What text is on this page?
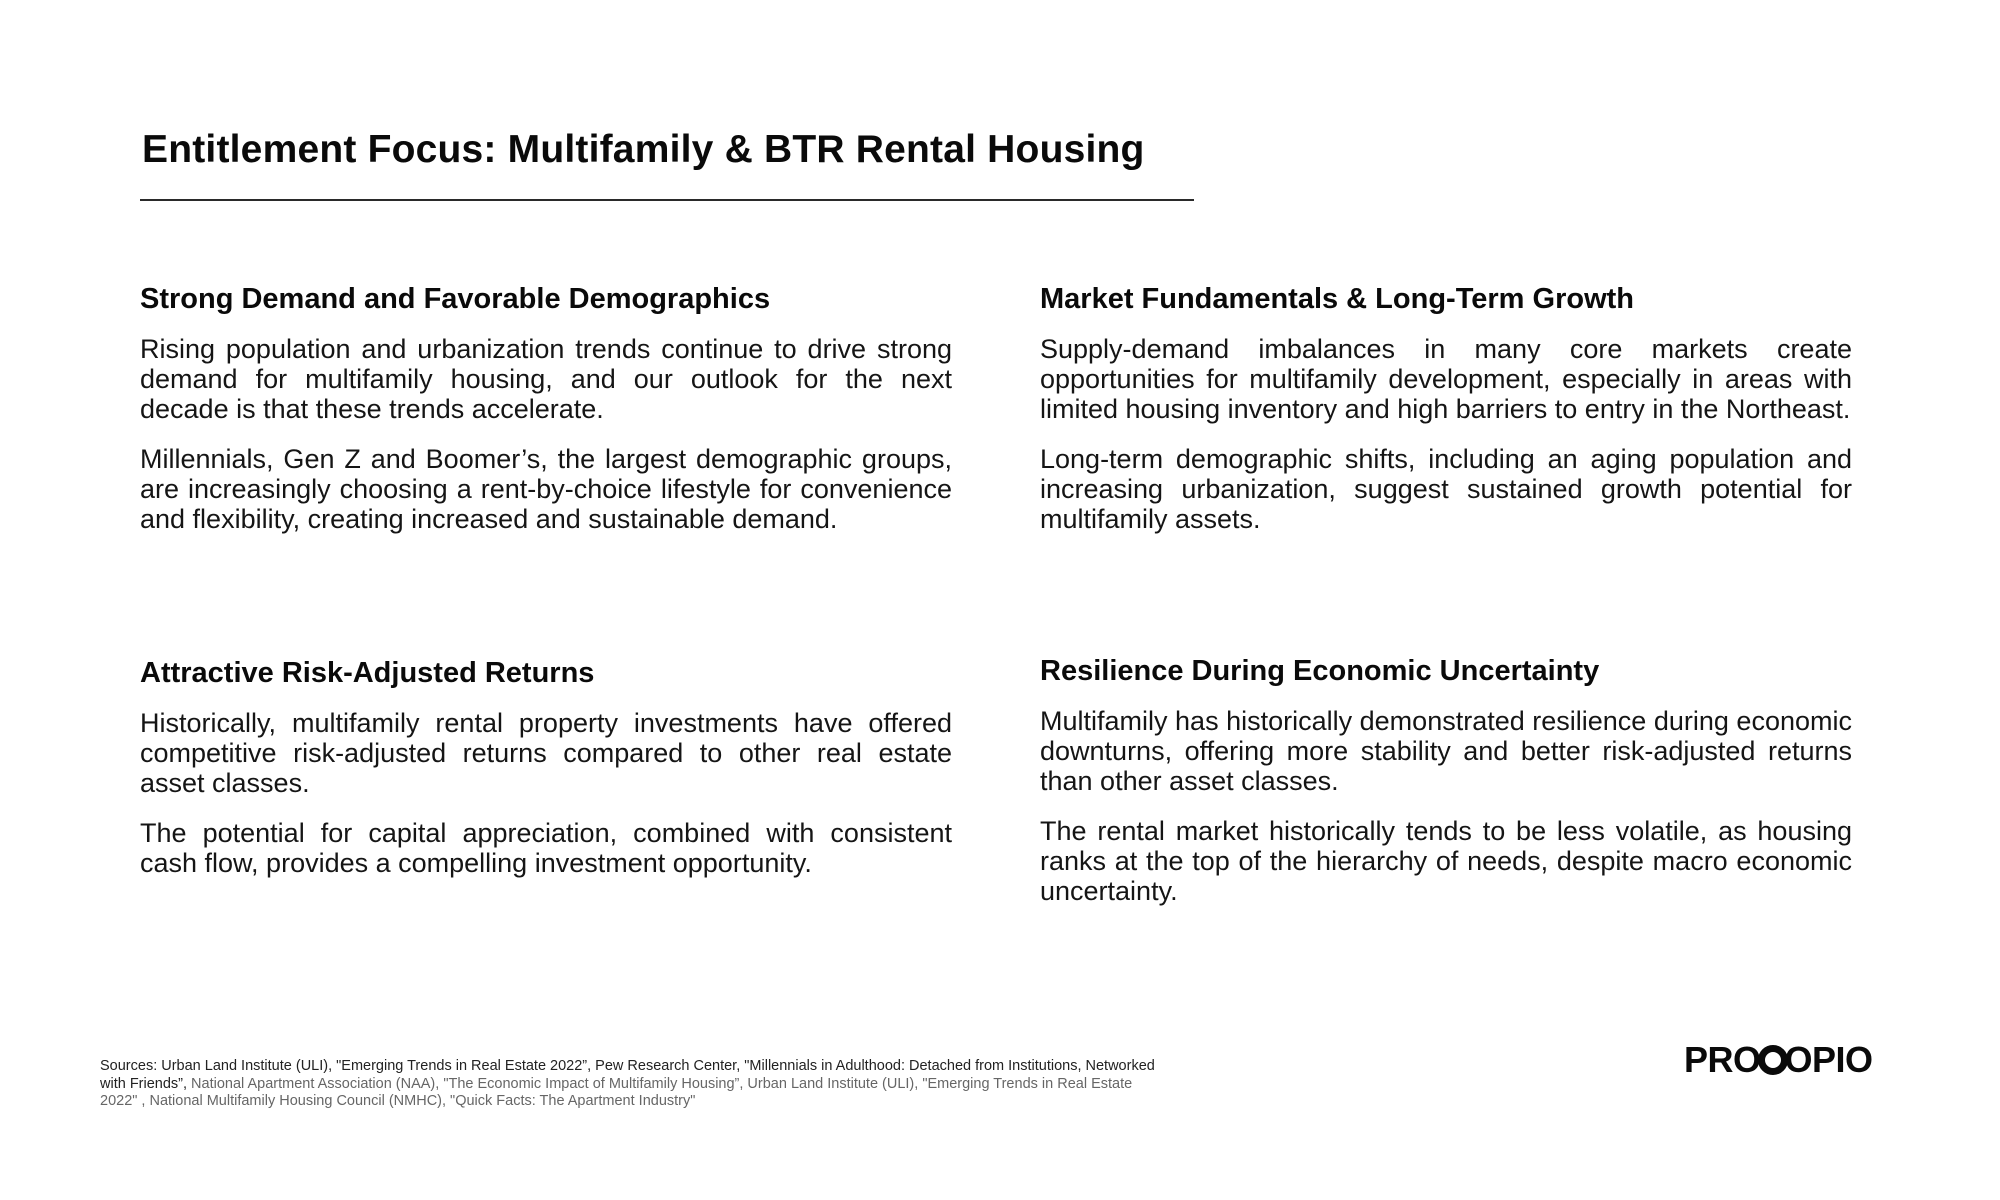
Entitlement Focus: Multifamily & BTR Rental Housing
Strong Demand and Favorable Demographics

Rising population and urbanization trends continue to drive strong demand for multifamily housing, and our outlook for the next decade is that these trends accelerate.

Millennials, Gen Z and Boomer’s, the largest demographic groups, are increasingly choosing a rent-by-choice lifestyle for convenience and flexibility, creating increased and sustainable demand.

Market Fundamentals & Long-Term Growth

Supply-demand imbalances in many core markets create opportunities for multifamily development, especially in areas with limited housing inventory and high barriers to entry in the Northeast.

Long-term demographic shifts, including an aging population and increasing urbanization, suggest sustained growth potential for multifamily assets.

Attractive Risk-Adjusted Returns

Historically, multifamily rental property investments have offered competitive risk-adjusted returns compared to other real estate asset classes.

The potential for capital appreciation, combined with consistent cash flow, provides a compelling investment opportunity.

Resilience During Economic Uncertainty

Multifamily has historically demonstrated resilience during economic downturns, offering more stability and better risk-adjusted returns than other asset classes.

The rental market historically tends to be less volatile, as housing ranks at the top of the hierarchy of needs, despite macro economic uncertainty.

Sources: Urban Land Institute (ULI), "Emerging Trends in Real Estate 2022”, Pew Research Center, "Millennials in Adulthood: Detached from Institutions, Networked with Friends”, National Apartment Association (NAA), "The Economic Impact of Multifamily Housing”, Urban Land Institute (ULI), "Emerging Trends in Real Estate 2022" , National Multifamily Housing Council (NMHC), "Quick Facts: The Apartment Industry"
PRO OPIO
